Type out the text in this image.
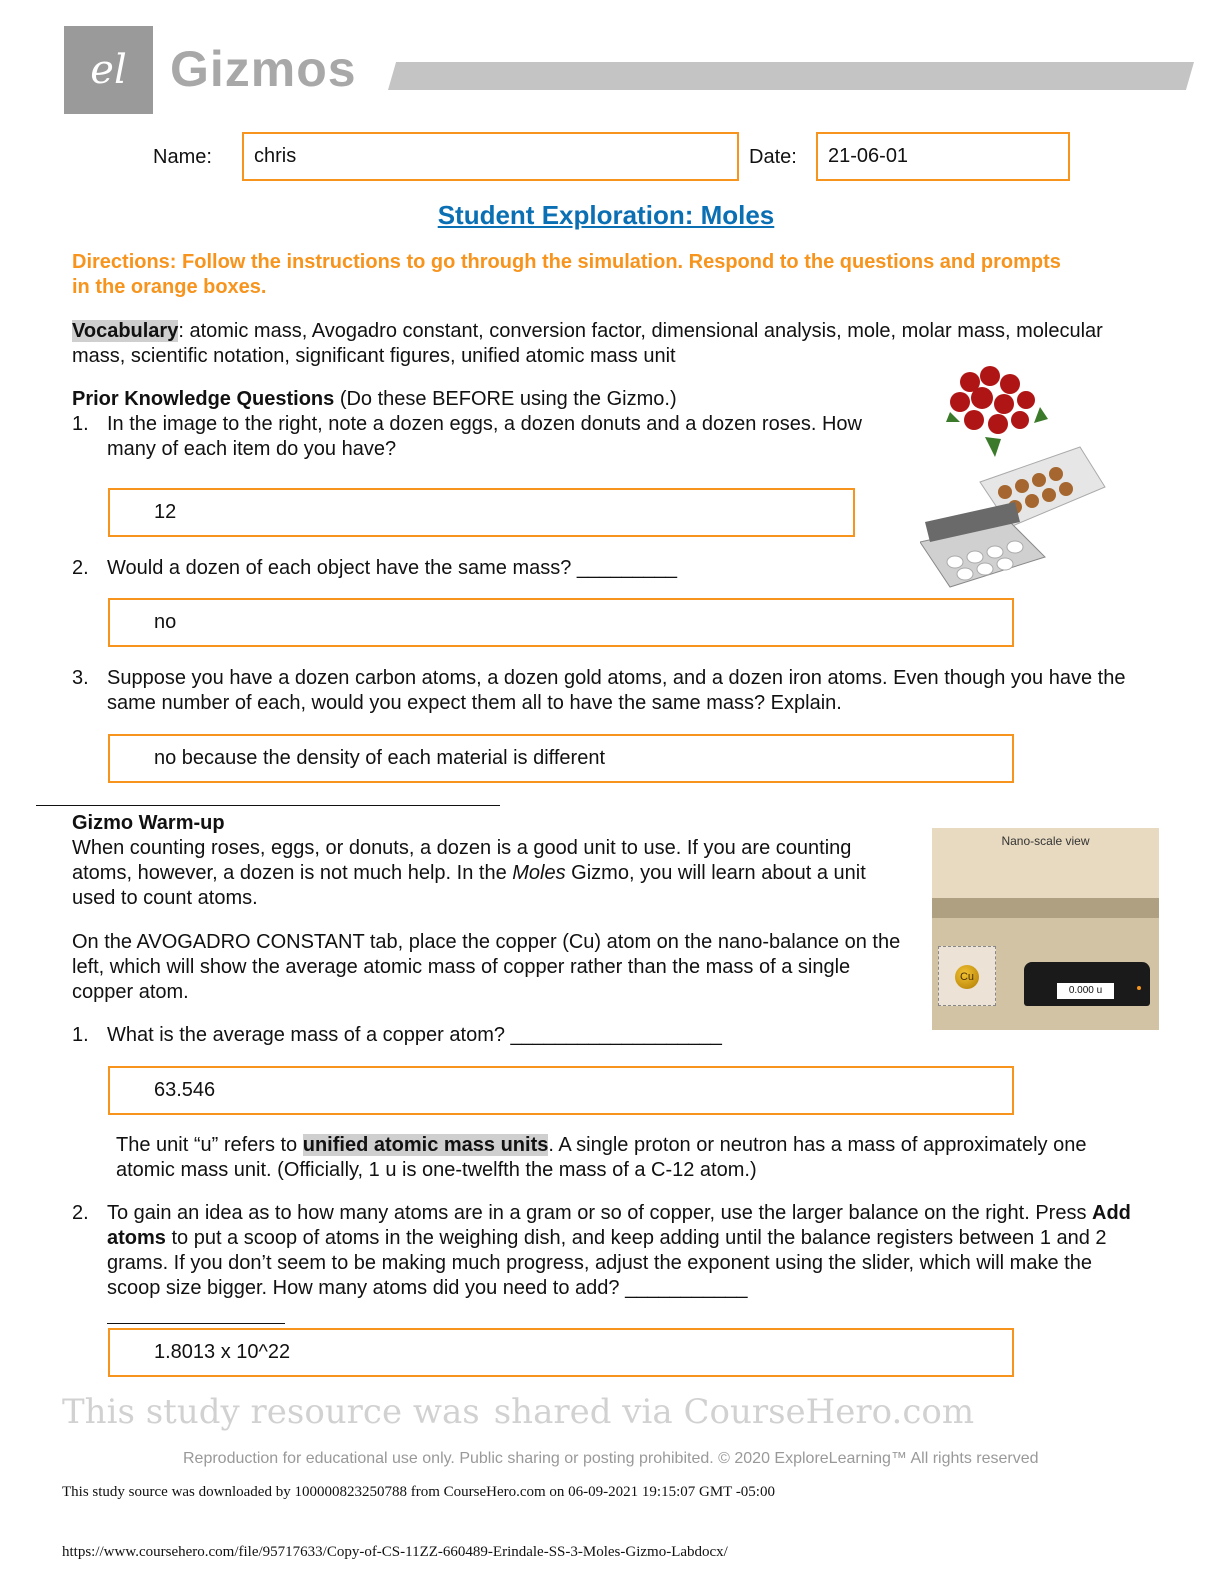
el Gizmos
Name:	chris	Date:	21-06-01
Student Exploration: Moles
Directions: Follow the instructions to go through the simulation. Respond to the questions and prompts in the orange boxes.
Vocabulary: atomic mass, Avogadro constant, conversion factor, dimensional analysis, mole, molar mass, molecular mass, scientific notation, significant figures, unified atomic mass unit
Prior Knowledge Questions (Do these BEFORE using the Gizmo.)
1. In the image to the right, note a dozen eggs, a dozen donuts and a dozen roses. How many of each item do you have?
12
2. Would a dozen of each object have the same mass? _________
no
3. Suppose you have a dozen carbon atoms, a dozen gold atoms, and a dozen iron atoms. Even though you have the same number of each, would you expect them all to have the same mass? Explain.
no because the density of each material is different
Gizmo Warm-up
When counting roses, eggs, or donuts, a dozen is a good unit to use. If you are counting atoms, however, a dozen is not much help. In the Moles Gizmo, you will learn about a unit used to count atoms.
On the AVOGADRO CONSTANT tab, place the copper (Cu) atom on the nano-balance on the left, which will show the average atomic mass of copper rather than the mass of a single copper atom.
Nano-scale view
Cu
0.000 u
1. What is the average mass of a copper atom? ___________________
63.546
The unit “u” refers to unified atomic mass units. A single proton or neutron has a mass of approximately one atomic mass unit. (Officially, 1 u is one-twelfth the mass of a C-12 atom.)
2. To gain an idea as to how many atoms are in a gram or so of copper, use the larger balance on the right. Press Add atoms to put a scoop of atoms in the weighing dish, and keep adding until the balance registers between 1 and 2 grams. If you don’t seem to be making much progress, adjust the exponent using the slider, which will make the scoop size bigger. How many atoms did you need to add? ___________
1.8013 x 10^22
This study resource was shared via CourseHero.com
Reproduction for educational use only. Public sharing or posting prohibited. © 2020 ExploreLearning™ All rights reserved
This study source was downloaded by 100000823250788 from CourseHero.com on 06-09-2021 19:15:07 GMT -05:00
https://www.coursehero.com/file/95717633/Copy-of-CS-11ZZ-660489-Erindale-SS-3-Moles-Gizmo-Labdocx/
